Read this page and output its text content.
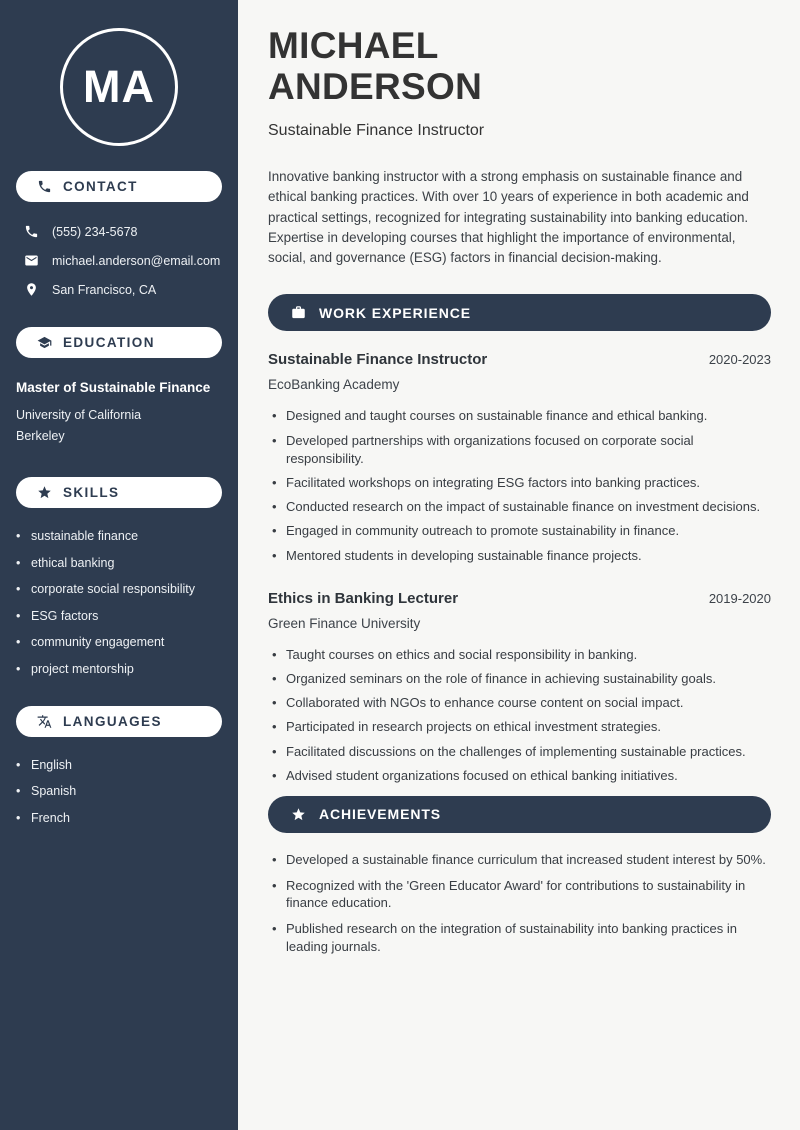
MA
CONTACT
(555) 234-5678
michael.anderson@email.com
San Francisco, CA
EDUCATION
Master of Sustainable Finance
University of California
Berkeley
SKILLS
• sustainable finance
• ethical banking
• corporate social responsibility
• ESG factors
• community engagement
• project mentorship
LANGUAGES
• English
• Spanish
• French
MICHAEL
ANDERSON
Sustainable Finance Instructor

Innovative banking instructor with a strong emphasis on sustainable finance and ethical banking practices. With over 10 years of experience in both academic and practical settings, recognized for integrating sustainability into banking education. Expertise in developing courses that highlight the importance of environmental, social, and governance (ESG) factors in financial decision-making.

WORK EXPERIENCE
Sustainable Finance Instructor	2020-2023
EcoBanking Academy
• Designed and taught courses on sustainable finance and ethical banking.
• Developed partnerships with organizations focused on corporate social responsibility.
• Facilitated workshops on integrating ESG factors into banking practices.
• Conducted research on the impact of sustainable finance on investment decisions.
• Engaged in community outreach to promote sustainability in finance.
• Mentored students in developing sustainable finance projects.
Ethics in Banking Lecturer	2019-2020
Green Finance University
• Taught courses on ethics and social responsibility in banking.
• Organized seminars on the role of finance in achieving sustainability goals.
• Collaborated with NGOs to enhance course content on social impact.
• Participated in research projects on ethical investment strategies.
• Facilitated discussions on the challenges of implementing sustainable practices.
• Advised student organizations focused on ethical banking initiatives.
ACHIEVEMENTS
• Developed a sustainable finance curriculum that increased student interest by 50%.
• Recognized with the 'Green Educator Award' for contributions to sustainability in finance education.
• Published research on the integration of sustainability into banking practices in leading journals.
